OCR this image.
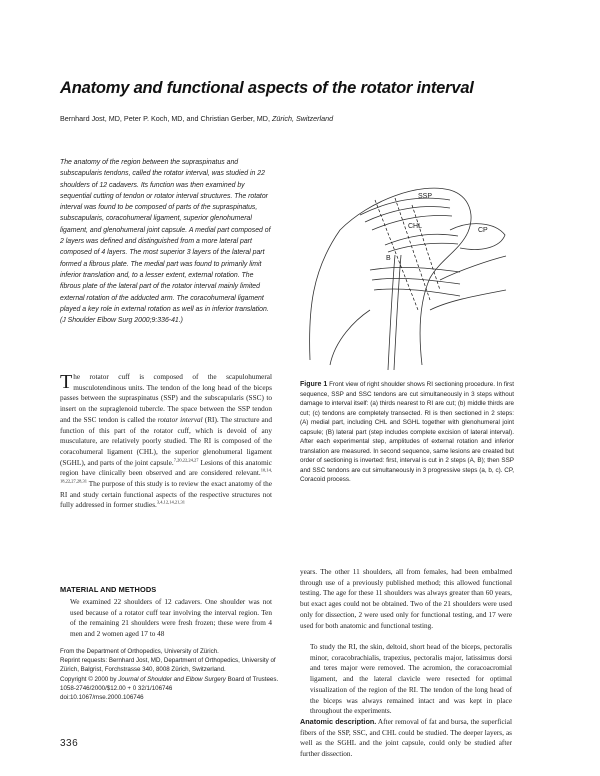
Anatomy and functional aspects of the rotator interval
Bernhard Jost, MD, Peter P. Koch, MD, and Christian Gerber, MD, Zürich, Switzerland
The anatomy of the region between the supraspinatus and subscapularis tendons, called the rotator interval, was studied in 22 shoulders of 12 cadavers. Its function was then examined by sequential cutting of tendon or rotator interval structures. The rotator interval was found to be composed of parts of the supraspinatus, subscapularis, coracohumeral ligament, superior glenohumeral ligament, and glenohumeral joint capsule. A medial part composed of 2 layers was defined and distinguished from a more lateral part composed of 4 layers. The most superior 3 layers of the lateral part formed a fibrous plate. The medial part was found to primarily limit inferior translation and, to a lesser extent, external rotation. The fibrous plate of the lateral part of the rotator interval mainly limited external rotation of the adducted arm. The coracohumeral ligament played a key role in external rotation as well as in inferior translation. (J Shoulder Elbow Surg 2000;9:336-41.)
SSP
CHL
CP
B
Figure 1 Front view of right shoulder shows RI sectioning procedure. In first sequence, SSP and SSC tendons are cut simultaneously in 3 steps without damage to interval itself: (a) thirds nearest to RI are cut; (b) middle thirds are cut; (c) tendons are completely transected. RI is then sectioned in 2 steps: (A) medial part, including CHL and SGHL together with glenohumeral joint capsule; (B) lateral part (step includes complete excision of lateral interval). After each experimental step, amplitudes of external rotation and inferior translation are measured. In second sequence, same lesions are created but order of sectioning is inverted: first, interval is cut in 2 steps (A, B); then SSP and SSC tendons are cut simultaneously in 3 progressive steps (a, b, c). CP, Coracoid process.
The rotator cuff is composed of the scapulohumeral musculotendinous units. The tendon of the long head of the biceps passes between the supraspinatus (SSP) and the subscapularis (SSC) to insert on the supraglenoid tubercle. The space between the SSP tendon and the SSC tendon is called the rotator interval (RI). The structure and function of this part of the rotator cuff, which is devoid of any musculature, are relatively poorly studied. The RI is composed of the coracohumeral ligament (CHL), the superior glenohumeral ligament (SGHL), and parts of the joint capsule.$^{7,20,22,24,27}$ Lesions of this anatomic region have clinically been observed and are considered relevant.$^{10,14, 18,22,27,28,31}$ The purpose of this study is to review the exact anatomy of the RI and study certain functional aspects of the respective structures not fully addressed in former studies.$^{3,4,12,14,21,31}$
MATERIAL AND METHODS
We examined 22 shoulders of 12 cadavers. One shoulder was not used because of a rotator cuff tear involving the interval region. Ten of the remaining 21 shoulders were fresh frozen; these were from 4 men and 2 women aged 17 to 48
From the Department of Orthopedics, University of Zürich.
Reprint requests: Bernhard Jost, MD, Department of Orthopedics, University of Zürich, Balgrist, Forchstrasse 340, 8008 Zürich, Switzerland.
Copyright © 2000 by Journal of Shoulder and Elbow Surgery Board of Trustees.
1058-2746/2000/$12.00 + 0 32/1/106746
doi:10.1067/mse.2000.106746
years. The other 11 shoulders, all from females, had been embalmed through use of a previously published method; this allowed functional testing. The age for these 11 shoulders was always greater than 60 years, but exact ages could not be obtained. Two of the 21 shoulders were used only for dissection, 2 were used only for functional testing, and 17 were used for both anatomic and functional testing.
To study the RI, the skin, deltoid, short head of the biceps, pectoralis minor, coracobrachialis, trapezius, pectoralis major, latissimus dorsi and teres major were removed. The acromion, the coracoacromial ligament, and the lateral clavicle were resected for optimal visualization of the region of the RI. The tendon of the long head of the biceps was always remained intact and was kept in place throughout the experiments.
Anatomic description. After removal of fat and bursa, the superficial fibers of the SSP, SSC, and CHL could be studied. The deeper layers, as well as the SGHL and the joint capsule, could only be studied after further dissection.
336
